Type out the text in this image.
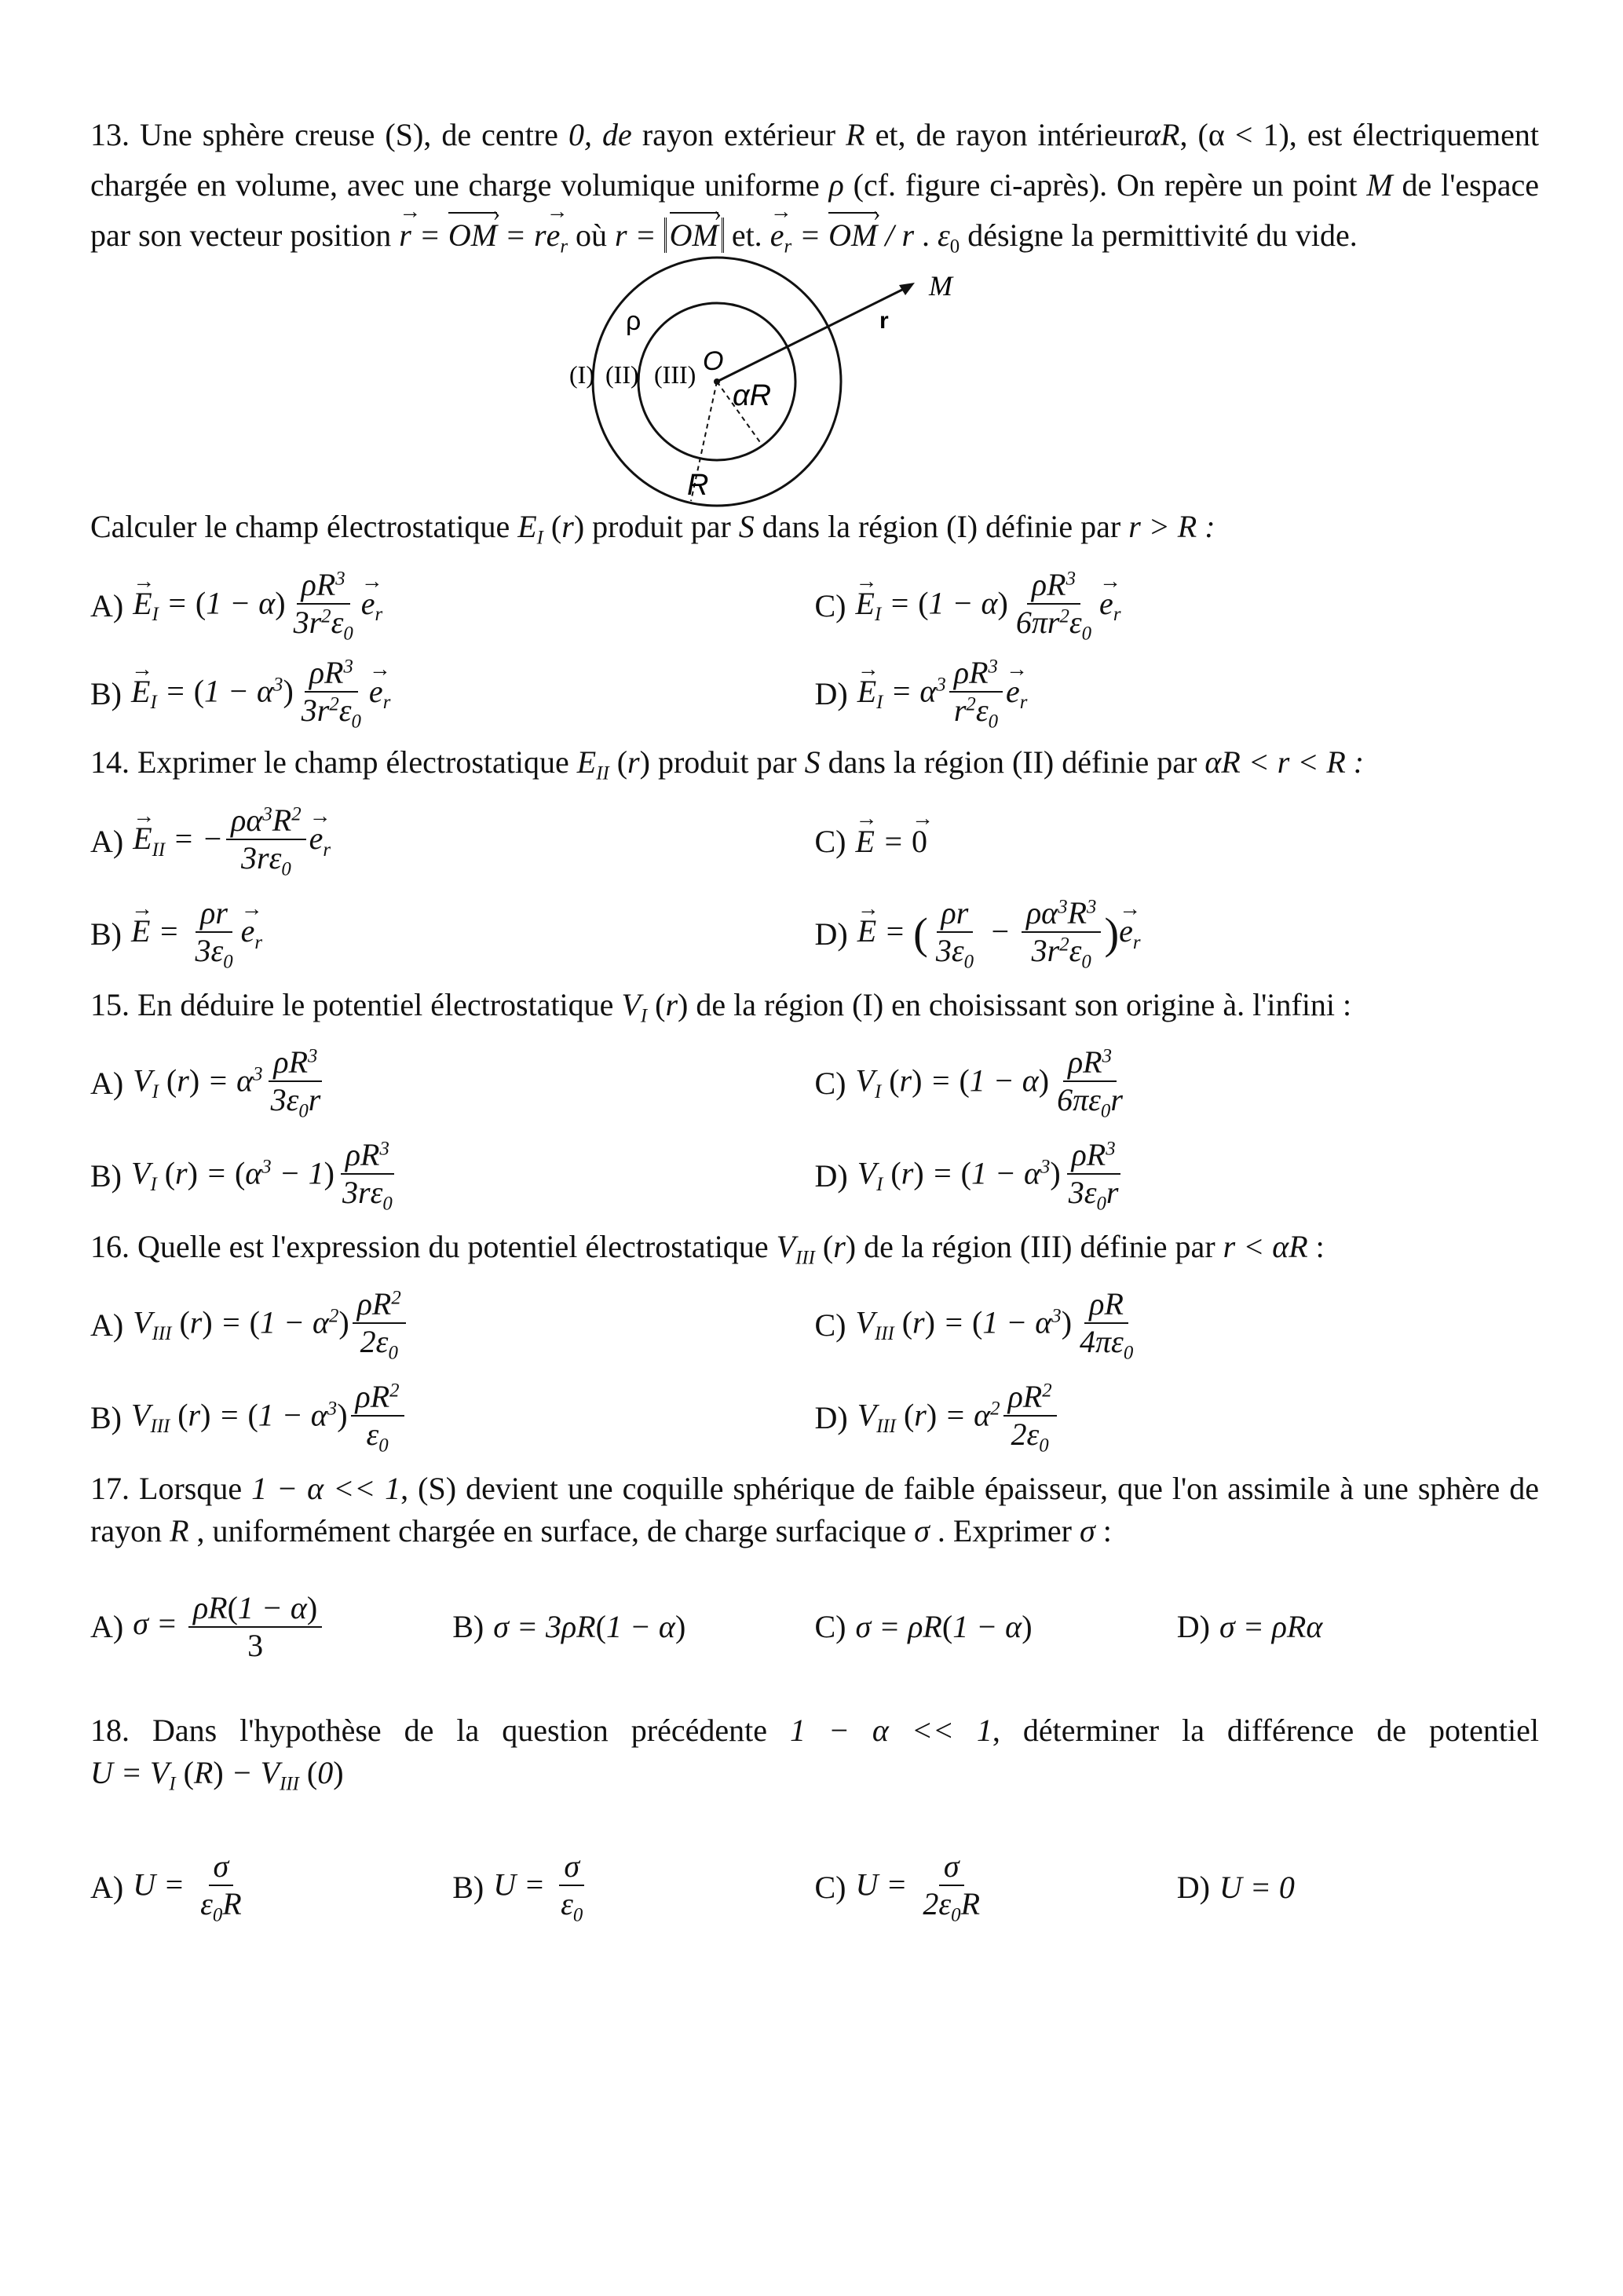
13. Une sphère creuse (S), de centre 0, de rayon extérieur R et, de rayon intérieurαR, (α < 1), est électriquement chargée en volume, avec une charge volumique uniforme ρ (cf. figure ci-après). On repère un point M de l'espace par son vecteur position → r = OM › = $r\to e_r$ où r = OM › et. → $e_r$ = OM › / r . $\varepsilon_0$ désigne la permittivité du vide.

M
r
ρ
O
αR
R
(I) (II) (III)

Calculer le champ électrostatique $E_I$ (r) produit par S dans la région (I) définie par r > R :

A)
→ $E_I = (1 - \alpha) \frac{\rho R^3}{3r^2\varepsilon_0}$
→ $e_r$	C)
→ $E_I = (1 - \alpha) \frac{\rho R^3}{6\pi r^2\varepsilon_0}$
→ $e_r$
B)
→ $E_I = (1 - \alpha^3) \frac{\rho R^3}{3r^2\varepsilon_0}$
→ $e_r$	D)
→ $E_I = \alpha^3 \frac{\rho R^3}{r^2\varepsilon_0}$
→ $e_r$

14. Exprimer le champ électrostatique $E_{II}$ (r) produit par S dans la région (II) définie par αR < r < R :

A)
→ $E_{II}$ = − $\frac{\rho\alpha^3R^2}{3r\varepsilon_0}$
→ $e_r$	C)
→ E = → 0
B)
→ $E = \frac{\rho r}{3\varepsilon_0}$
→ $e_r$	D)
→ E = ( $\frac{\rho r}{3\varepsilon_0} - \frac{\rho\alpha^3R^3}{3r^2\varepsilon_0}$ )→ $e_r$

15. En déduire le potentiel électrostatique $V_I$ (r) de la région (I) en choisissant son origine à. l'infini :

A) $V_I$ $(r) = \alpha^3 \frac{\rho R^3}{3\varepsilon_0r}$	C) $V_I$ $(r) = (1 - \alpha) \frac{\rho R^3}{6\pi\varepsilon_0r}$
B) $V_I$ $(r) = (\alpha^3 - 1) \frac{\rho R^3}{3r\varepsilon_0}$	D) $V_I$ $(r) = (1 - \alpha^3) \frac{\rho R^3}{3\varepsilon_0r}$

16. Quelle est l'expression du potentiel électrostatique $V_{III}$ (r) de la région (III) définie par r < αR :

A) $V_{III}$ $(r) = (1 - \alpha^2) \frac{\rho R^2}{2\varepsilon_0}$	C) $V_{III}$ $(r) = (1 - \alpha^3) \frac{\rho R}{4\pi\varepsilon_0}$
B) $V_{III}$ $(r) = (1 - \alpha^3) \frac{\rho R^2}{\varepsilon_0}$	D) $V_{III}$ $(r) = \alpha^2 \frac{\rho R^2}{2\varepsilon_0}$

17. Lorsque 1 − α << 1, (S) devient une coquille sphérique de faible épaisseur, que l'on assimile à une sphère de rayon R , uniformément chargée en surface, de charge surfacique σ . Exprimer σ :

A) $\sigma = \frac{\rho R(1 - \alpha)}{3}$	B) σ = 3ρR(1 − α)	C) σ = ρR(1 − α)	D) σ = ρRα

18. Dans l'hypothèse de la question précédente 1 − α << 1, déterminer la différence de potentiel $U = V_I$ $(R) - V_{III}$ (0)

A) $U = \frac{\sigma}{\varepsilon_0R}$	B) $U = \frac{\sigma}{\varepsilon_0}$	C) $U = \frac{\sigma}{2\varepsilon_0R}$	D) U = 0
